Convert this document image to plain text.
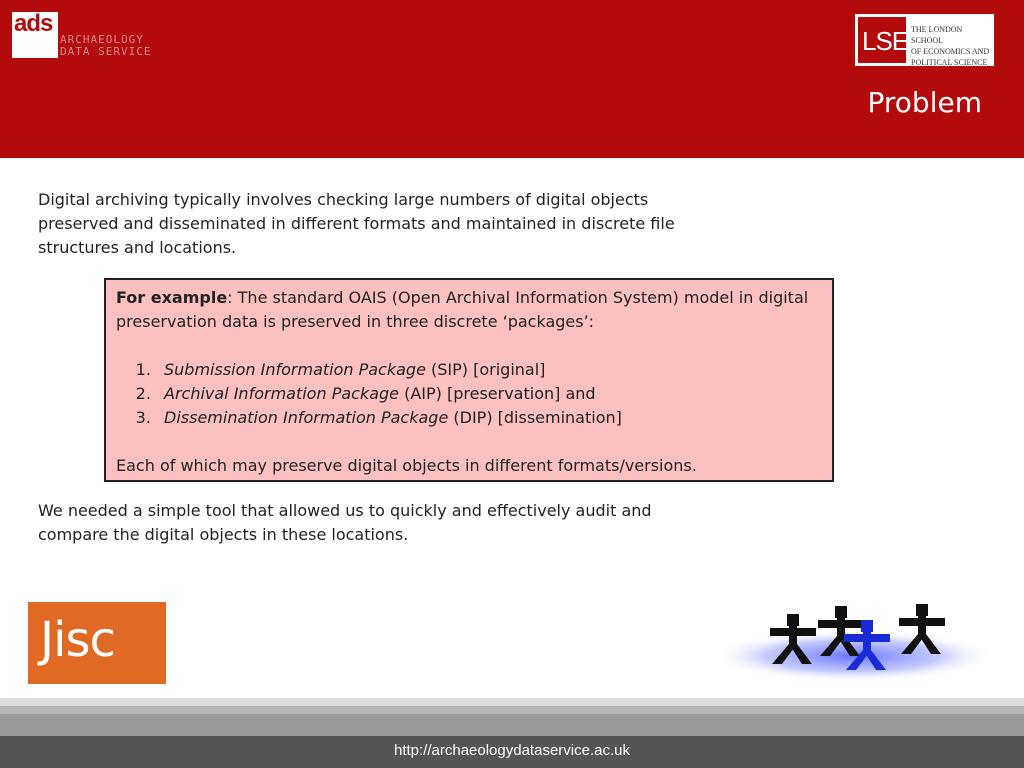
ads
ARCHAEOLOGY
DATA SERVICE	LSE THE LONDON SCHOOL
OF ECONOMICS AND
POLITICAL SCIENCE
Problem
Digital archiving typically involves checking large numbers of digital objects preserved and disseminated in different formats and maintained in discrete file structures and locations.
For example: The standard OAIS (Open Archival Information System) model in digital preservation data is preserved in three discrete ‘packages’:
1. Submission Information Package (SIP) [original]
2. Archival Information Package (AIP) [preservation] and
3. Dissemination Information Package (DIP) [dissemination]
Each of which may preserve digital objects in different formats/versions.
We needed a simple tool that allowed us to quickly and effectively audit and compare the digital objects in these locations.
Jisc
http://archaeologydataservice.ac.uk
